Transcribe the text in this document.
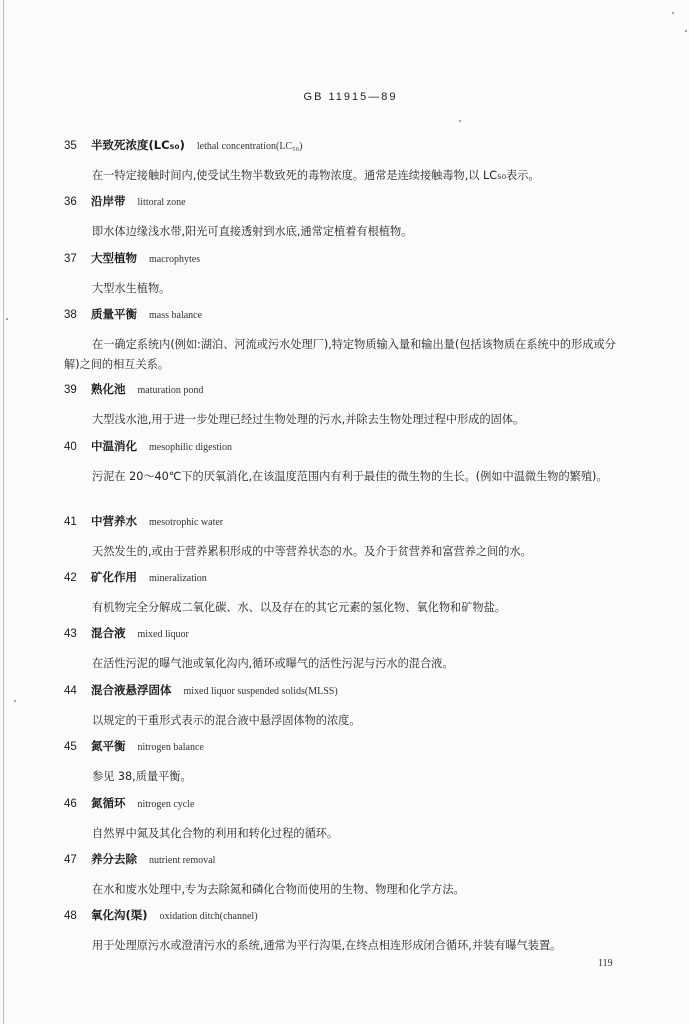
GB 11915—89
35 半致死浓度(LC₅₀) lethal concentration(LC₅₀)
在一特定接触时间内,使受试生物半数致死的毒物浓度。通常是连续接触毒物,以 LC₅₀表示。
36 沿岸带 littoral zone
即水体边缘浅水带,阳光可直接透射到水底,通常定植着有根植物。
37 大型植物 macrophytes
大型水生植物。
38 质量平衡 mass balance
在一确定系统内(例如:湖泊、河流或污水处理厂),特定物质输入量和输出量(包括该物质在系统中的形成或分解)之间的相互关系。
39 熟化池 maturation pond
大型浅水池,用于进一步处理已经过生物处理的污水,并除去生物处理过程中形成的固体。
40 中温消化 mesophilic digestion
污泥在 20～40℃下的厌氧消化,在该温度范围内有利于最佳的微生物的生长。(例如中温微生物的繁殖)。
41 中营养水 mesotrophic water
天然发生的,或由于营养累积形成的中等营养状态的水。及介于贫营养和富营养之间的水。
42 矿化作用 mineralization
有机物完全分解成二氧化碳、水、以及存在的其它元素的氢化物、氧化物和矿物盐。
43 混合液 mixed liquor
在活性污泥的曝气池或氧化沟内,循环或曝气的活性污泥与污水的混合液。
44 混合液悬浮固体 mixed liquor suspended solids(MLSS)
以规定的干重形式表示的混合液中悬浮固体物的浓度。
45 氮平衡 nitrogen balance
参见 38,质量平衡。
46 氮循环 nitrogen cycle
自然界中氮及其化合物的利用和转化过程的循环。
47 养分去除 nutrient removal
在水和废水处理中,专为去除氮和磷化合物而使用的生物、物理和化学方法。
48 氧化沟(渠) oxidation ditch(channel)
用于处理原污水或澄清污水的系统,通常为平行沟渠,在终点相连形成闭合循环,并装有曝气装置。
119
